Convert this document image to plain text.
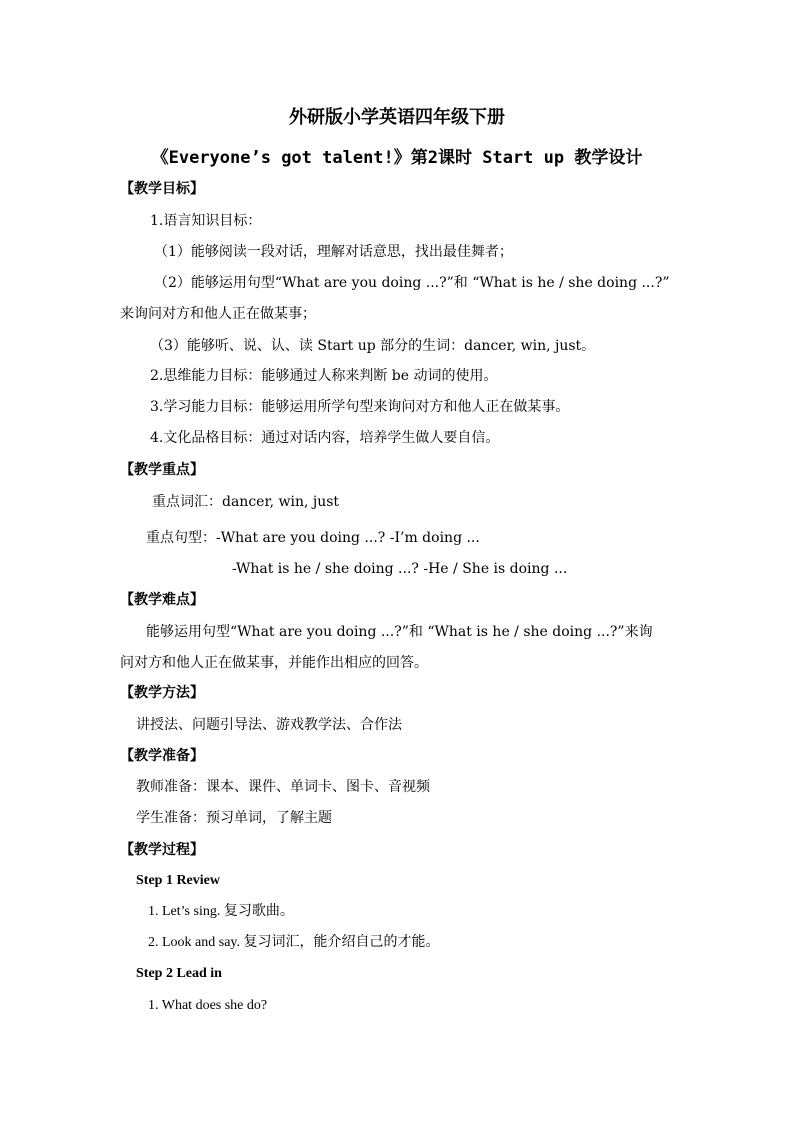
外研版小学英语四年级下册
《Everyone’s got talent!》第2课时 Start up 教学设计
【教学目标】
1.语言知识目标：
（1）能够阅读一段对话，理解对话意思，找出最佳舞者；
（2）能够运用句型“What are you doing ...?”和 “What is he / she doing ...?”
来询问对方和他人正在做某事；
（3）能够听、说、认、读 Start up 部分的生词：dancer, win, just。
2.思维能力目标：能够通过人称来判断 be 动词的使用。
3.学习能力目标：能够运用所学句型来询问对方和他人正在做某事。
4.文化品格目标：通过对话内容，培养学生做人要自信。
【教学重点】
重点词汇：dancer, win, just
重点句型：-What are you doing ...? -I’m doing ...
-What is he / she doing ...? -He / She is doing ...
【教学难点】
能够运用句型“What are you doing ...?”和 “What is he / she doing ...?”来询
问对方和他人正在做某事，并能作出相应的回答。
【教学方法】
讲授法、问题引导法、游戏教学法、合作法
【教学准备】
教师准备：课本、课件、单词卡、图卡、音视频
学生准备：预习单词，了解主题
【教学过程】
Step 1 Review
1. Let’s sing. 复习歌曲。
2. Look and say. 复习词汇，能介绍自己的才能。
Step 2 Lead in
1. What does she do?
